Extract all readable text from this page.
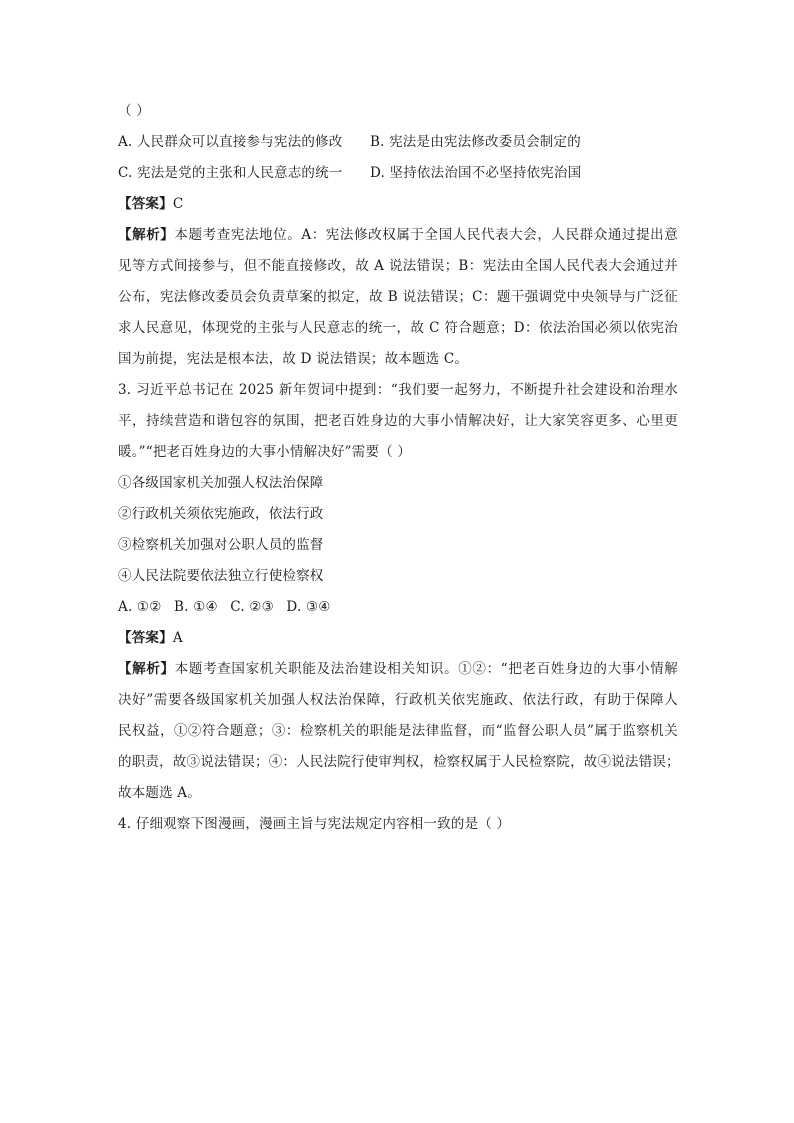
（ ）
A. 人民群众可以直接参与宪法的修改	B. 宪法是由宪法修改委员会制定的
C. 宪法是党的主张和人民意志的统一	D. 坚持依法治国不必坚持依宪治国
【答案】C
【解析】本题考查宪法地位。A：宪法修改权属于全国人民代表大会，人民群众通过提出意
见等方式间接参与，但不能直接修改，故 A 说法错误；B：宪法由全国人民代表大会通过并
公布，宪法修改委员会负责草案的拟定，故 B 说法错误；C：题干强调党中央领导与广泛征
求人民意见，体现党的主张与人民意志的统一，故 C 符合题意；D：依法治国必须以依宪治
国为前提，宪法是根本法，故 D 说法错误；故本题选 C。
3. 习近平总书记在 2025 新年贺词中提到：“我们要一起努力，不断提升社会建设和治理水
平，持续营造和谐包容的氛围，把老百姓身边的大事小情解决好，让大家笑容更多、心里更
暖。”“把老百姓身边的大事小情解决好”需要（ ）
①各级国家机关加强人权法治保障
②行政机关须依宪施政，依法行政
③检察机关加强对公职人员的监督
④人民法院要依法独立行使检察权
A. ①② B. ①④ C. ②③ D. ③④
【答案】A
【解析】本题考查国家机关职能及法治建设相关知识。①②：“把老百姓身边的大事小情解
决好”需要各级国家机关加强人权法治保障，行政机关依宪施政、依法行政，有助于保障人
民权益，①②符合题意；③：检察机关的职能是法律监督，而“监督公职人员”属于监察机关
的职责，故③说法错误；④：人民法院行使审判权，检察权属于人民检察院，故④说法错误；
故本题选 A。
4. 仔细观察下图漫画，漫画主旨与宪法规定内容相一致的是（ ）
